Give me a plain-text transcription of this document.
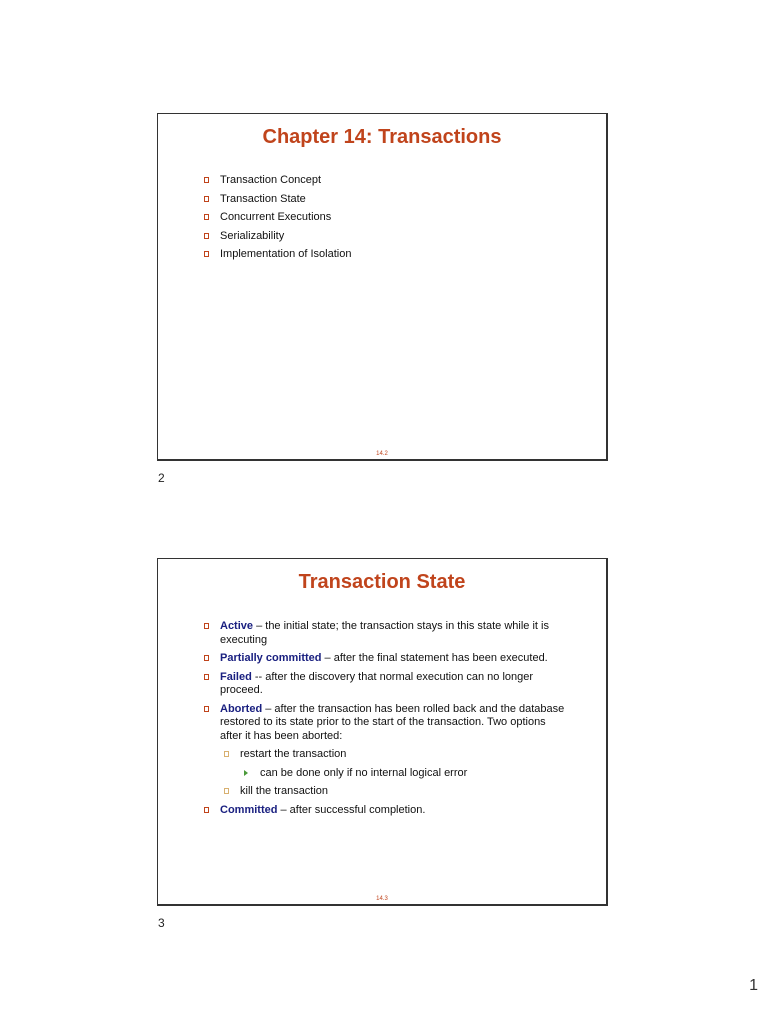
Chapter 14: Transactions
Transaction Concept
Transaction State
Concurrent Executions
Serializability
Implementation of Isolation
14.2
2
Transaction State
Active – the initial state; the transaction stays in this state while it is executing
Partially committed – after the final statement has been executed.
Failed -- after the discovery that normal execution can no longer proceed.
Aborted – after the transaction has been rolled back and the database restored to its state prior to the start of the transaction. Two options after it has been aborted:
restart the transaction
can be done only if no internal logical error
kill the transaction
Committed – after successful completion.
14.3
3
1
